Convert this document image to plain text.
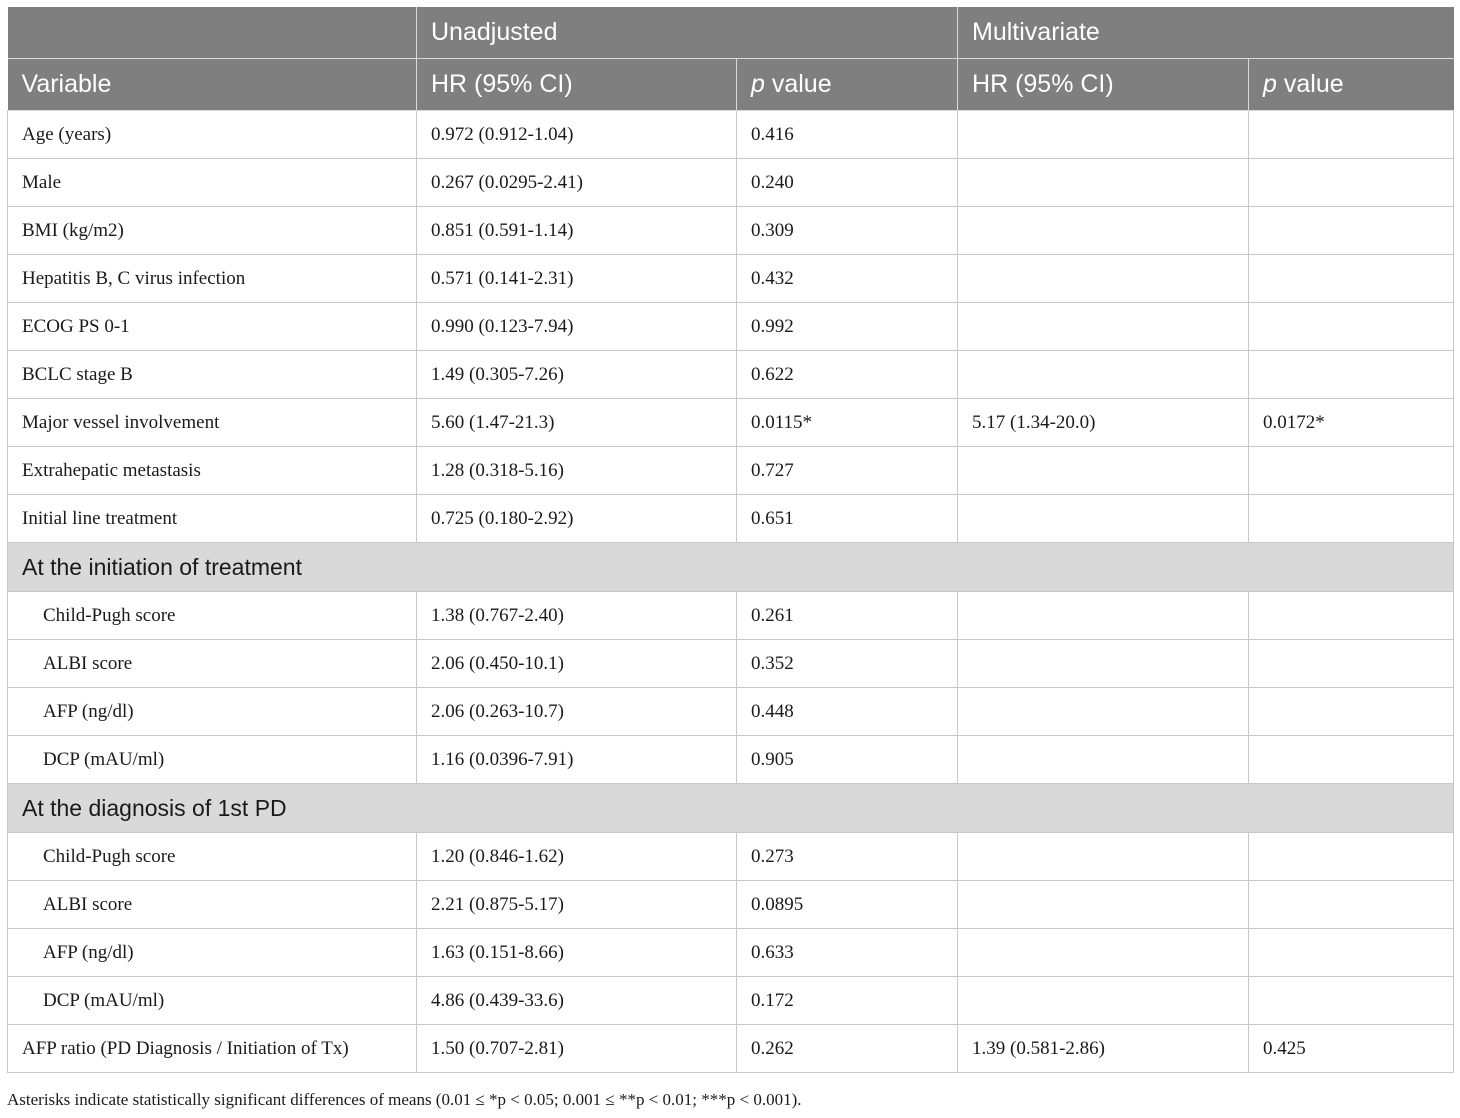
	Unadjusted		Multivariate	
Variable	HR (95% CI)	p value	HR (95% CI)	p value
Age (years)	0.972 (0.912-1.04)	0.416		
Male	0.267 (0.0295-2.41)	0.240		
BMI (kg/m2)	0.851 (0.591-1.14)	0.309		
Hepatitis B, C virus infection	0.571 (0.141-2.31)	0.432		
ECOG PS 0-1	0.990 (0.123-7.94)	0.992		
BCLC stage B	1.49 (0.305-7.26)	0.622		
Major vessel involvement	5.60 (1.47-21.3)	0.0115*	5.17 (1.34-20.0)	0.0172*
Extrahepatic metastasis	1.28 (0.318-5.16)	0.727		
Initial line treatment	0.725 (0.180-2.92)	0.651		
At the initiation of treatment				
Child-Pugh score	1.38 (0.767-2.40)	0.261		
ALBI score	2.06 (0.450-10.1)	0.352		
AFP (ng/dl)	2.06 (0.263-10.7)	0.448		
DCP (mAU/ml)	1.16 (0.0396-7.91)	0.905		
At the diagnosis of 1st PD				
Child-Pugh score	1.20 (0.846-1.62)	0.273		
ALBI score	2.21 (0.875-5.17)	0.0895		
AFP (ng/dl)	1.63 (0.151-8.66)	0.633		
DCP (mAU/ml)	4.86 (0.439-33.6)	0.172		
AFP ratio (PD Diagnosis / Initiation of Tx)	1.50 (0.707-2.81)	0.262	1.39 (0.581-2.86)	0.425
Asterisks indicate statistically significant differences of means (0.01 ≤ *p < 0.05; 0.001 ≤ **p < 0.01; ***p < 0.001).
